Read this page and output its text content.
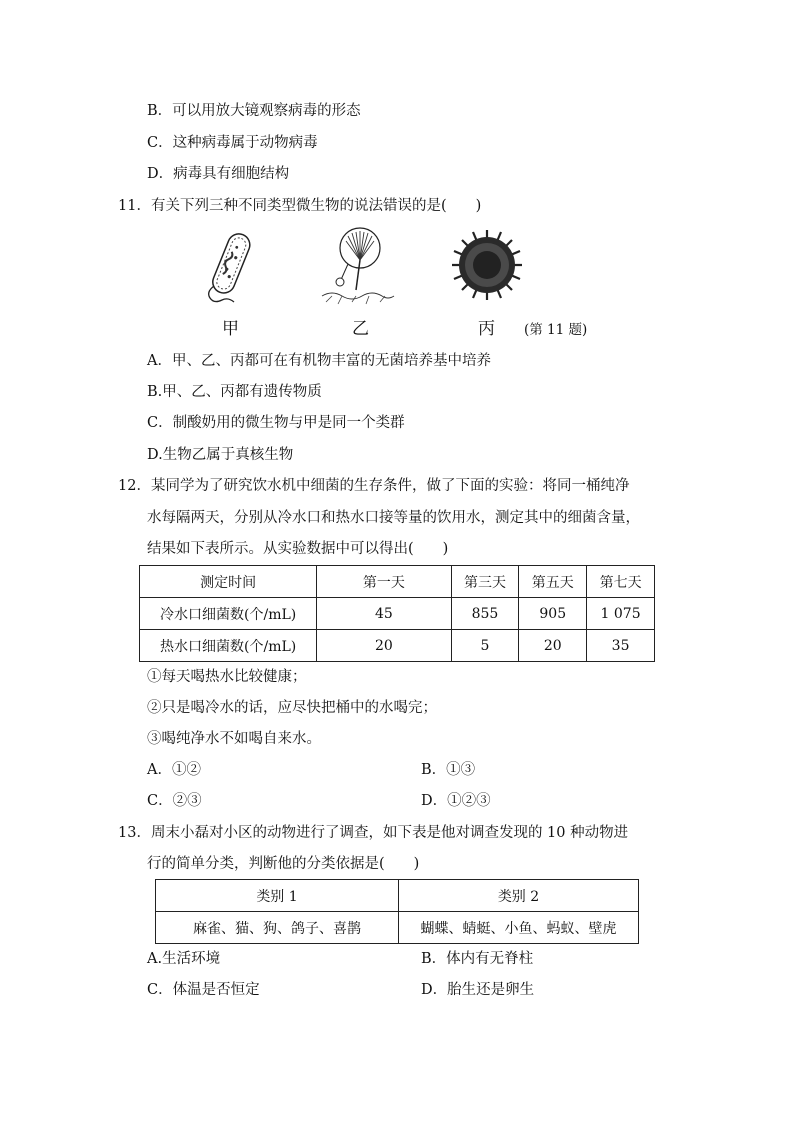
B．可以用放大镜观察病毒的形态
C．这种病毒属于动物病毒
D．病毒具有细胞结构
11．有关下列三种不同类型微生物的说法错误的是(　　)
甲	乙	丙 (第 11 题)
A．甲、乙、丙都可在有机物丰富的无菌培养基中培养
B.甲、乙、丙都有遗传物质
C．制酸奶用的微生物与甲是同一个类群
D.生物乙属于真核生物
12．某同学为了研究饮水机中细菌的生存条件，做了下面的实验：将同一桶纯净
水每隔两天，分别从冷水口和热水口接等量的饮用水，测定其中的细菌含量，
结果如下表所示。从实验数据中可以得出(　　)
测定时间	第一天	第三天	第五天	第七天
冷水口细菌数(个/mL)	45	855	905	1 075
热水口细菌数(个/mL)	20	5	20	35
①每天喝热水比较健康；
②只是喝冷水的话，应尽快把桶中的水喝完；
③喝纯净水不如喝自来水。
A．①②	B．①③
C．②③	D．①②③
13．周末小磊对小区的动物进行了调查，如下表是他对调查发现的 10 种动物进
行的简单分类，判断他的分类依据是(　　)
类别 1	类别 2
麻雀、猫、狗、鸽子、喜鹊	蝴蝶、蜻蜓、小鱼、蚂蚁、壁虎
A.生活环境	B．体内有无脊柱
C．体温是否恒定	D．胎生还是卵生
